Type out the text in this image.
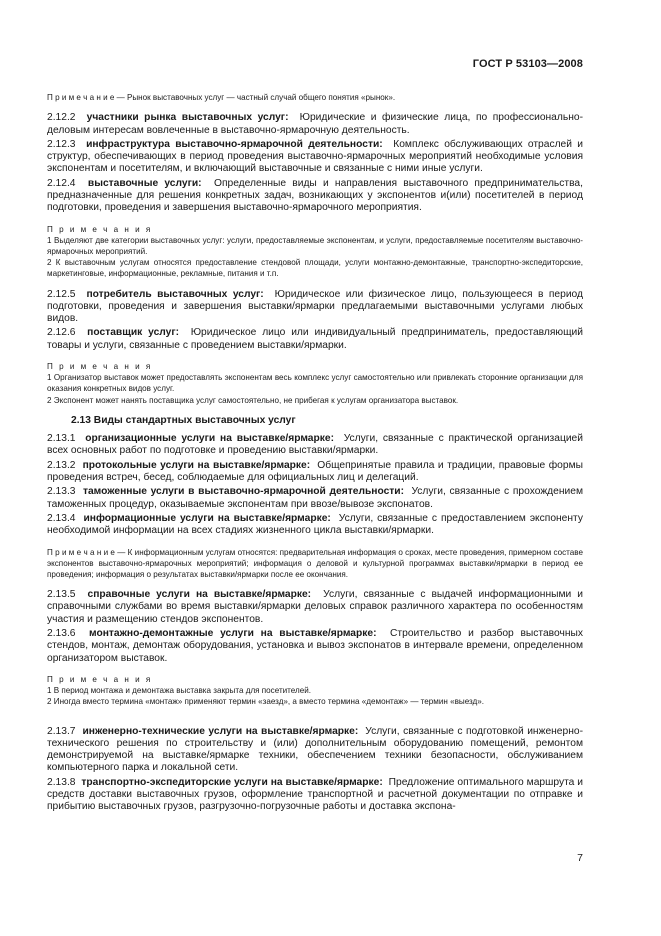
ГОСТ Р 53103—2008
П р и м е ч а н и е — Рынок выставочных услуг — частный случай общего понятия «рынок».
2.12.2 участники рынка выставочных услуг: Юридические и физические лица, по профессионально-деловым интересам вовлеченные в выставочно-ярмарочную деятельность.
2.12.3 инфраструктура выставочно-ярмарочной деятельности: Комплекс обслуживающих отраслей и структур, обеспечивающих в период проведения выставочно-ярмарочных мероприятий необходимые условия экспонентам и посетителям, и включающий выставочные и связанные с ними иные услуги.
2.12.4 выставочные услуги: Определенные виды и направления выставочного предпринимательства, предназначенные для решения конкретных задач, возникающих у экспонентов и(или) посетителей в период подготовки, проведения и завершения выставочно-ярмарочного мероприятия.
П р и м е ч а н и я
1 Выделяют две категории выставочных услуг: услуги, предоставляемые экспонентам, и услуги, предоставляемые посетителям выставочно-ярмарочных мероприятий.
2 К выставочным услугам относятся предоставление стендовой площади, услуги монтажно-демонтажные, транспортно-экспедиторские, маркетинговые, информационные, рекламные, питания и т.п.
2.12.5 потребитель выставочных услуг: Юридическое или физическое лицо, пользующееся в период подготовки, проведения и завершения выставки/ярмарки предлагаемыми выставочными услугами любых видов.
2.12.6 поставщик услуг: Юридическое лицо или индивидуальный предприниматель, предоставляющий товары и услуги, связанные с проведением выставки/ярмарки.
П р и м е ч а н и я
1 Организатор выставок может предоставлять экспонентам весь комплекс услуг самостоятельно или привлекать сторонние организации для оказания конкретных видов услуг.
2 Экспонент может нанять поставщика услуг самостоятельно, не прибегая к услугам организатора выставок.
2.13 Виды стандартных выставочных услуг
2.13.1 организационные услуги на выставке/ярмарке: Услуги, связанные с практической организацией всех основных работ по подготовке и проведению выставки/ярмарки.
2.13.2 протокольные услуги на выставке/ярмарке: Общепринятые правила и традиции, правовые формы проведения встреч, бесед, соблюдаемые для официальных лиц и делегаций.
2.13.3 таможенные услуги в выставочно-ярмарочной деятельности: Услуги, связанные с прохождением таможенных процедур, оказываемые экспонентам при ввозе/вывозе экспонатов.
2.13.4 информационные услуги на выставке/ярмарке: Услуги, связанные с предоставлением экспоненту необходимой информации на всех стадиях жизненного цикла выставки/ярмарки.
П р и м е ч а н и е — К информационным услугам относятся: предварительная информация о сроках, месте проведения, примерном составе экспонентов выставочно-ярмарочных мероприятий; информация о деловой и культурной программах выставки/ярмарки в период ее проведения; информация о результатах выставки/ярмарки после ее окончания.
2.13.5 справочные услуги на выставке/ярмарке: Услуги, связанные с выдачей информационными и справочными службами во время выставки/ярмарки деловых справок различного характера по особенностям участия и размещению стендов экспонентов.
2.13.6 монтажно-демонтажные услуги на выставке/ярмарке: Строительство и разбор выставочных стендов, монтаж, демонтаж оборудования, установка и вывоз экспонатов в интервале времени, определенном организатором выставок.
П р и м е ч а н и я
1 В период монтажа и демонтажа выставка закрыта для посетителей.
2 Иногда вместо термина «монтаж» применяют термин «заезд», а вместо термина «демонтаж» — термин «выезд».
2.13.7 инженерно-технические услуги на выставке/ярмарке: Услуги, связанные с подготовкой инженерно-технического решения по строительству и (или) дополнительным оборудованию помещений, ремонтом демонстрируемой на выставке/ярмарке техники, обеспечением техники безопасности, обслуживанием компьютерного парка и локальной сети.
2.13.8 транспортно-экспедиторские услуги на выставке/ярмарке: Предложение оптимального маршрута и средств доставки выставочных грузов, оформление транспортной и расчетной документации по отправке и прибытию выставочных грузов, разгрузочно-погрузочные работы и доставка экспона-
7
